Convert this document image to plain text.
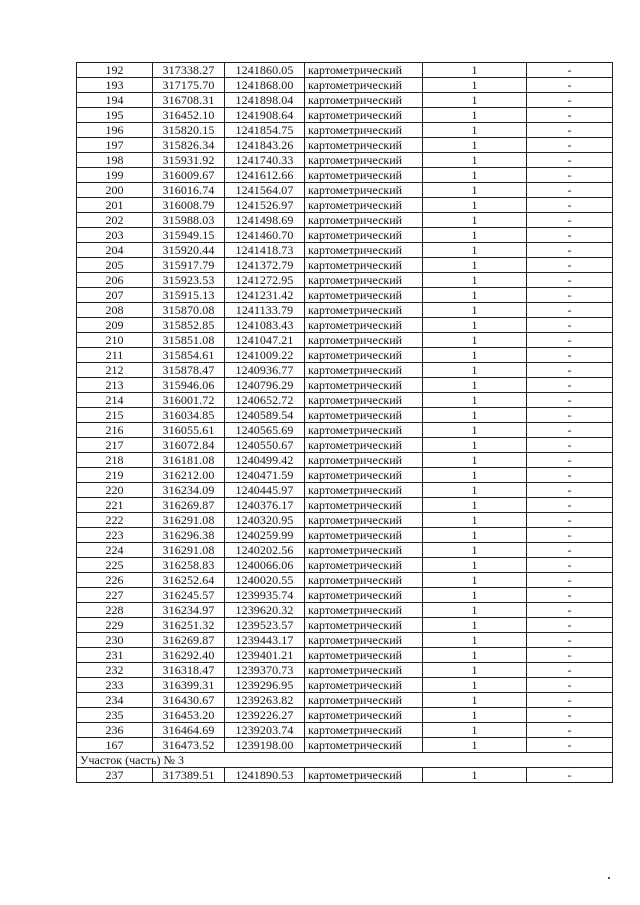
192	317338.27	1241860.05	картометрический	1	-
193	317175.70	1241868.00	картометрический	1	-
194	316708.31	1241898.04	картометрический	1	-
195	316452.10	1241908.64	картометрический	1	-
196	315820.15	1241854.75	картометрический	1	-
197	315826.34	1241843.26	картометрический	1	-
198	315931.92	1241740.33	картометрический	1	-
199	316009.67	1241612.66	картометрический	1	-
200	316016.74	1241564.07	картометрический	1	-
201	316008.79	1241526.97	картометрический	1	-
202	315988.03	1241498.69	картометрический	1	-
203	315949.15	1241460.70	картометрический	1	-
204	315920.44	1241418.73	картометрический	1	-
205	315917.79	1241372.79	картометрический	1	-
206	315923.53	1241272.95	картометрический	1	-
207	315915.13	1241231.42	картометрический	1	-
208	315870.08	1241133.79	картометрический	1	-
209	315852.85	1241083.43	картометрический	1	-
210	315851.08	1241047.21	картометрический	1	-
211	315854.61	1241009.22	картометрический	1	-
212	315878.47	1240936.77	картометрический	1	-
213	315946.06	1240796.29	картометрический	1	-
214	316001.72	1240652.72	картометрический	1	-
215	316034.85	1240589.54	картометрический	1	-
216	316055.61	1240565.69	картометрический	1	-
217	316072.84	1240550.67	картометрический	1	-
218	316181.08	1240499.42	картометрический	1	-
219	316212.00	1240471.59	картометрический	1	-
220	316234.09	1240445.97	картометрический	1	-
221	316269.87	1240376.17	картометрический	1	-
222	316291.08	1240320.95	картометрический	1	-
223	316296.38	1240259.99	картометрический	1	-
224	316291.08	1240202.56	картометрический	1	-
225	316258.83	1240066.06	картометрический	1	-
226	316252.64	1240020.55	картометрический	1	-
227	316245.57	1239935.74	картометрический	1	-
228	316234.97	1239620.32	картометрический	1	-
229	316251.32	1239523.57	картометрический	1	-
230	316269.87	1239443.17	картометрический	1	-
231	316292.40	1239401.21	картометрический	1	-
232	316318.47	1239370.73	картометрический	1	-
233	316399.31	1239296.95	картометрический	1	-
234	316430.67	1239263.82	картометрический	1	-
235	316453.20	1239226.27	картометрический	1	-
236	316464.69	1239203.74	картометрический	1	-
167	316473.52	1239198.00	картометрический	1	-
Участок (часть) № 3					
237	317389.51	1241890.53	картометрический	1	-
